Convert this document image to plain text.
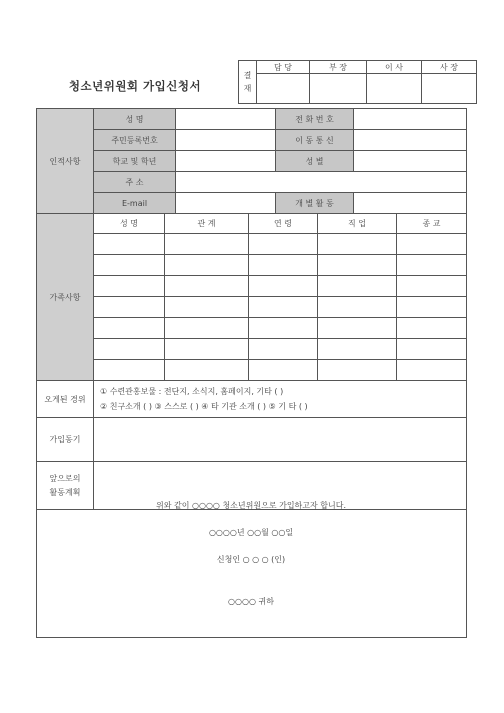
청소년위원회 가입신청서
결
재	담 당	부 장	이 사	사 장

인적사항	성 명				전 화 번 호			
	주민등록번호				이 동 통 신			
	학교 및 학년				성 별			
	주 소							
	E-mail				개 별 활 동			
가족사항	성 명	관 계		연 령		직 업		종 교

오게된 경위	① 수련관홍보물 : 전단지, 소식지, 홈페이지, 기타 ( )
② 친구소개 ( ) ③ 스스로 ( ) ④ 타 기관 소개 ( ) ⑤ 기 타 ( )							

가입동기								
앞으로의
활동계획								

위와 같이 ○○○○ 청소년위원으로 가입하고자 합니다.
○○○○년 ○○월 ○○일
신청인 ○ ○ ○ (인)
○○○○ 귀하
